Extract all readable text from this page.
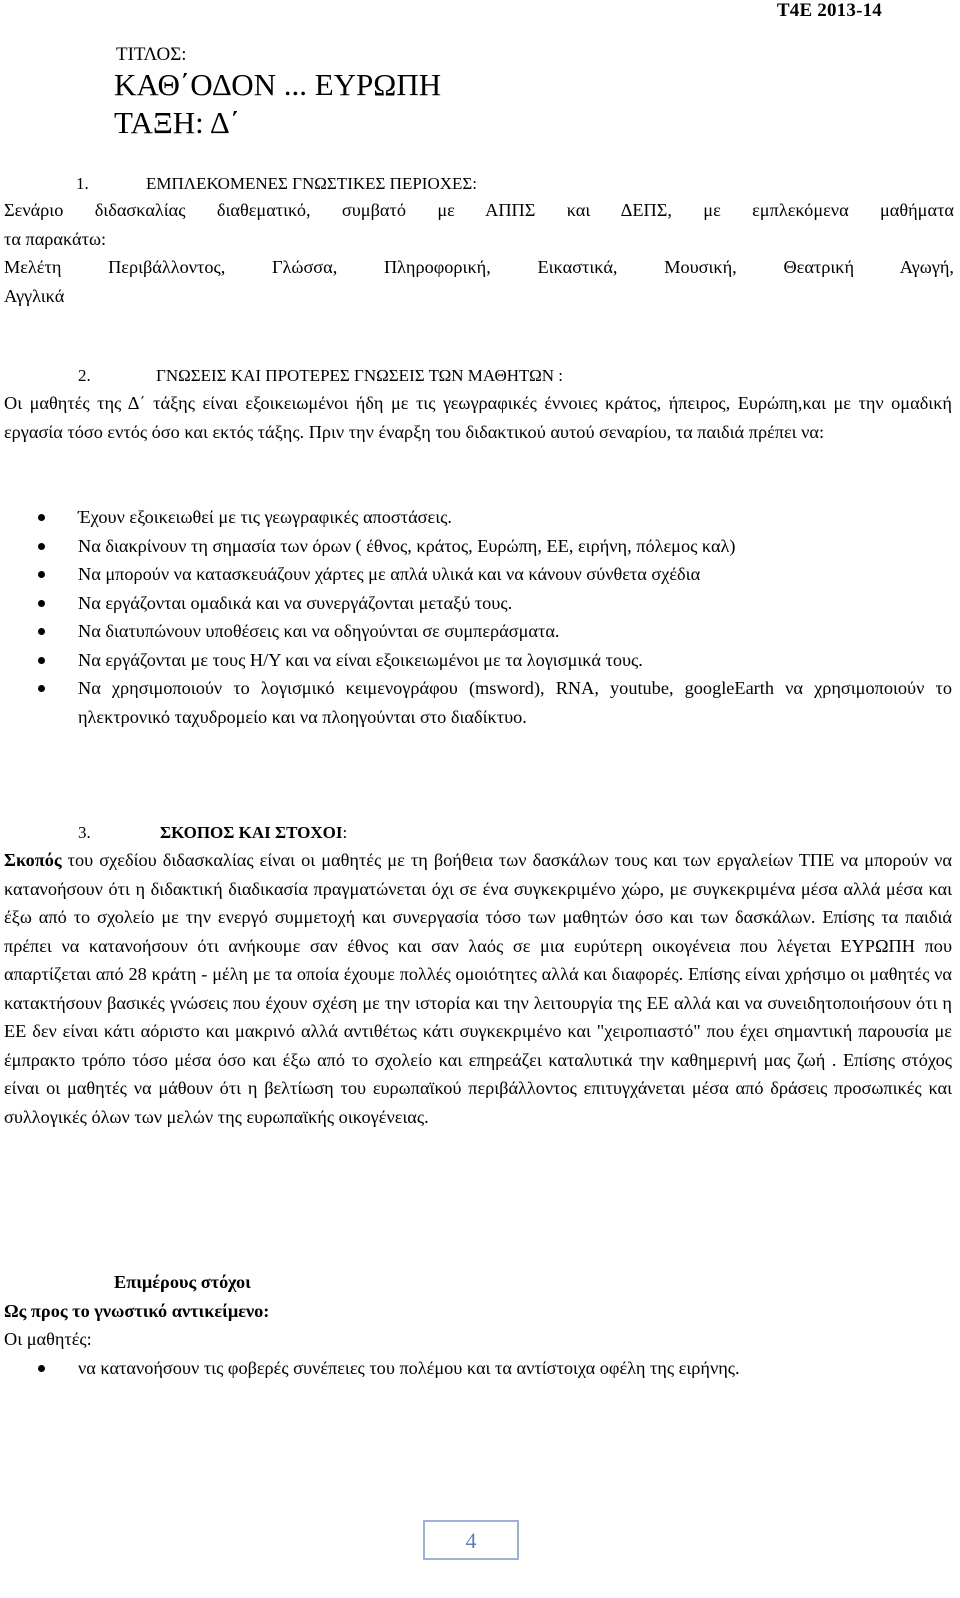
T4E 2013-14
ΤΙΤΛΟΣ:
ΚΑΘ΄ΟΔΟΝ ... ΕΥΡΩΠΗ
ΤΑΞΗ: Δ΄
1.	ΕΜΠΛΕΚΟΜΕΝΕΣ ΓΝΩΣΤΙΚΕΣ ΠΕΡΙΟΧΕΣ:
Σενάριο διδασκαλίας διαθεματικό, συμβατό με ΑΠΠΣ και ΔΕΠΣ, με εμπλεκόμενα μαθήματα
τα παρακάτω:
Μελέτη Περιβάλλοντος, Γλώσσα, Πληροφορική, Εικαστικά, Μουσική, Θεατρική Αγωγή,
Αγγλικά
2.	ΓΝΩΣΕΙΣ ΚΑΙ ΠΡΟΤΕΡΕΣ ΓΝΩΣΕΙΣ ΤΩΝ ΜΑΘΗΤΩΝ :
Οι μαθητές της Δ΄ τάξης είναι εξοικειωμένοι ήδη με τις γεωγραφικές έννοιες κράτος, ήπειρος, Ευρώπη,και με την ομαδική εργασία τόσο εντός όσο και εκτός τάξης. Πριν την έναρξη του διδακτικού αυτού σεναρίου, τα παιδιά πρέπει να:
Έχουν εξοικειωθεί με τις γεωγραφικές αποστάσεις.
Να διακρίνουν τη σημασία των όρων ( έθνος, κράτος, Ευρώπη, ΕΕ, ειρήνη, πόλεμος καλ)
Να μπορούν να κατασκευάζουν χάρτες με απλά υλικά και να κάνουν σύνθετα σχέδια
Να εργάζονται ομαδικά και να συνεργάζονται μεταξύ τους.
Να διατυπώνουν υποθέσεις και να οδηγούνται σε συμπεράσματα.
Να εργάζονται με τους Η/Υ και να είναι εξοικειωμένοι με τα λογισμικά τους.
Να χρησιμοποιούν το λογισμικό κειμενογράφου (msword), RNA, youtube, googleEarth να χρησιμοποιούν το ηλεκτρονικό ταχυδρομείο και να πλοηγούνται στο διαδίκτυο.
3.	ΣΚΟΠΟΣ ΚΑΙ ΣΤΟΧΟΙ:
Σκοπός του σχεδίου διδασκαλίας είναι οι μαθητές με τη βοήθεια των δασκάλων τους και των εργαλείων ΤΠΕ να μπορούν να κατανοήσουν ότι η διδακτική διαδικασία πραγματώνεται όχι σε ένα συγκεκριμένο χώρο, με συγκεκριμένα μέσα αλλά μέσα και έξω από το σχολείο με την ενεργό συμμετοχή και συνεργασία τόσο των μαθητών όσο και των δασκάλων. Επίσης τα παιδιά πρέπει να κατανοήσουν ότι ανήκουμε σαν έθνος και σαν λαός σε μια ευρύτερη οικογένεια που λέγεται ΕΥΡΩΠΗ που απαρτίζεται από 28 κράτη - μέλη με τα οποία έχουμε πολλές ομοιότητες αλλά και διαφορές. Επίσης είναι χρήσιμο οι μαθητές να κατακτήσουν βασικές γνώσεις που έχουν σχέση με την ιστορία και την λειτουργία της ΕΕ αλλά και να συνειδητοποιήσουν ότι η ΕΕ δεν είναι κάτι αόριστο και μακρινό αλλά αντιθέτως κάτι συγκεκριμένο και "χειροπιαστό" που έχει σημαντική παρουσία με έμπρακτο τρόπο τόσο μέσα όσο και έξω από το σχολείο και επηρεάζει καταλυτικά την καθημερινή μας ζωή . Επίσης στόχος είναι οι μαθητές να μάθουν ότι η βελτίωση του ευρωπαϊκού περιβάλλοντος επιτυγχάνεται μέσα από δράσεις προσωπικές και συλλογικές όλων των μελών της ευρωπαϊκής οικογένειας.
Επιμέρους στόχοι
Ως προς το γνωστικό αντικείμενο:
Οι μαθητές:
να κατανοήσουν τις φοβερές συνέπειες του πολέμου και τα αντίστοιχα οφέλη της ειρήνης.
4
